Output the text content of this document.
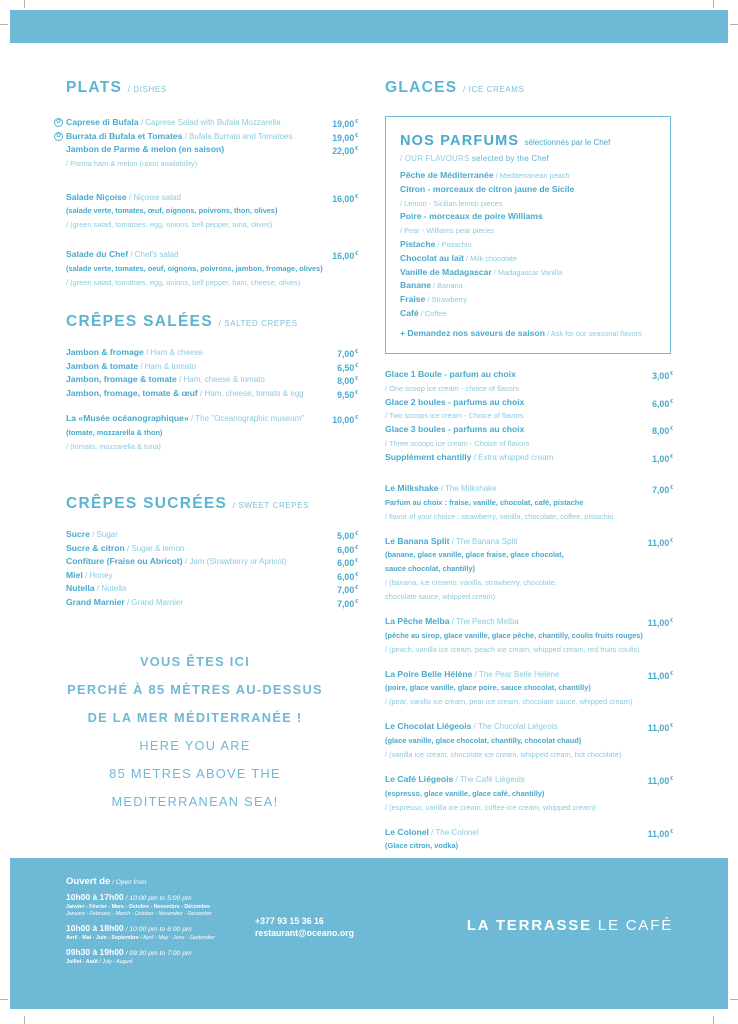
PLATS / DISHES
✿ Caprese di Bufala / Caprese Salad with Bufala Mozzarella	19,00€
✿ Burrata di Bufala et Tomates / Bufala Burrata and Tomatoes	19,00€
Jambon de Parme & melon (en saison)	22,00€
/ Parma ham & melon (upon availability)
Salade Niçoise / Niçoise salad	16,00€
(salade verte, tomates, œuf, oignons, poivrons, thon, olives)
/ (green salad, tomatoes, egg, onions, bell pepper, tuna, olives)
Salade du Chef / Chef's salad	16,00€
(salade verte, tomates, oeuf, oignons, poivrons, jambon, fromage, olives)
/ (green salad, tomatoes, egg, onions, bell pepper, ham, cheese, olives)
CRÊPES SALÉES / SALTED CREPES
Jambon & fromage / Ham & cheese	7,00€
Jambon & tomate / Ham & tomato	6,50€
Jambon, fromage & tomate / Ham, cheese & tomato	8,00€
Jambon, fromage, tomate & œuf / Ham, cheese, tomato & egg	9,50€
La «Musée océanographique» / The "Oceanographic museum"	10,00€
(tomate, mozzarella & thon)
/ (tomato, mozzarella & tuna)
CRÊPES SUCRÉES / SWEET CREPES
Sucre / Sugar	5,00€
Sucre & citron / Sugar & lemon	6,00€
Confiture (Fraise ou Abricot) / Jam (Strawberry or Apricot)	6,00€
Miel / Honey	6,00€
Nutella / Nutella	7,00€
Grand Marnier / Grand Marnier	7,00€
VOUS ÊTES ICI
PERCHÉ À 85 MÈTRES AU-DESSUS
DE LA MER MÉDITERRANÉE !
HERE YOU ARE
85 METRES ABOVE THE
MEDITERRANEAN SEA!
GLACES / ICE CREAMS
NOS PARFUMS sélectionnés par le Chef
/ OUR FLAVOURS selected by the Chef
Pêche de Méditerranée / Mediterranean peach
Citron - morceaux de citron jaune de Sicile
/ Lemon - Sicilian lemon pieces
Poire - morceaux de poire Williams
/ Pear - Williams pear pieces
Pistache / Pistachio
Chocolat au lait / Milk chocolate
Vanille de Madagascar / Madagascar Vanilla
Banane / Banana
Fraise / Strawberry
Café / Coffee
+ Demandez nos saveurs de saison / Ask for our seasonal flavors
Glace 1 Boule - parfum au choix	3,00€
/ One scoop ice cream - choice of flavors
Glace 2 boules - parfums au choix	6,00€
/ Two scoops ice cream - Choice of flavors
Glace 3 boules - parfums au choix	8,00€
/ Three scoops ice cream - Choice of flavors
Supplément chantilly / Extra whipped cream	1,00€
Le Milkshake / The Milkshake	7,00€
Parfum au choix : fraise, vanille, chocolat, café, pistache
/ flavor of your choice : strawberry, vanilla, chocolate, coffee, pistachio
Le Banana Split / The Banana Split	11,00€
(banane, glace vanille, glace fraise, glace chocolat,
sauce chocolat, chantilly)
/ (banana, ice creams: vanilla, strawberry, chocolate,
chocolate sauce, whipped cream)
La Pêche Melba / The Peach Melba	11,00€
(pêche au sirop, glace vanille, glace pêche, chantilly, coulis fruits rouges)
/ (peach, vanilla ice cream, peach ice cream, whipped cream, red fruits coulis)
La Poire Belle Hélène / The Pear Belle Hélène	11,00€
(poire, glace vanille, glace poire, sauce chocolat, chantilly)
/ (pear, vanilla ice cream, pear ice cream, chocolate sauce, whipped cream)
Le Chocolat Liégeois / The Chocolat Liégeois	11,00€
(glace vanille, glace chocolat, chantilly, chocolat chaud)
/ (vanilla ice cream, chocolate ice cream, whipped cream, hot chocolate)
Le Café Liégeois / The Café Liégeois	11,00€
(espresso, glace vanille, glace café, chantilly)
/ (espresso, vanilla ice cream, coffee ice cream, whipped cream)
Le Colonel / The Colonel	11,00€
(Glace citron, vodka)
Ouvert de / Open from
10h00 à 17h00 / 10:00 pm to 5:00 pm
Janvier - Février - Mars - Octobre - Novembre - Décembre
January - February - March - October - November - December
10h00 à 18h00 / 10:00 pm to 6:00 pm
Avril - Mai - Juin - Septembre / April - May - June - September
09h30 à 19h00 / 09:30 pm to 7:00 pm
Juillet - Août / July - August
+377 93 15 36 16
restaurant@oceano.org	LA TERRASSE LE CAFÉ
